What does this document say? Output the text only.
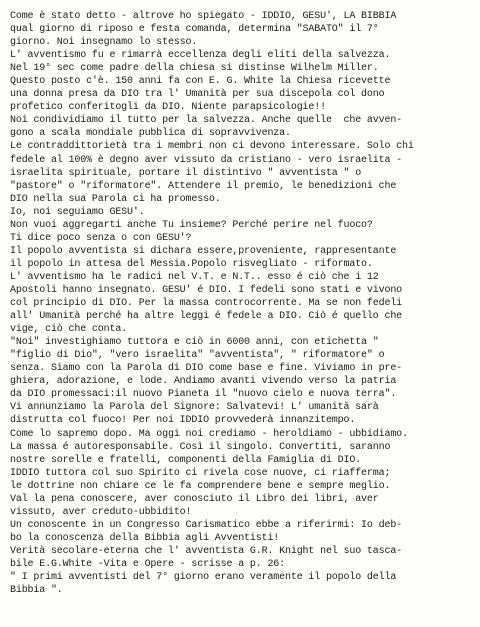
Come è stato detto - altrove ho spiegato - IDDIO, GESU', LA BIBBIA
qual giorno di riposo e festa comanda, determina "SABATO" il 7°
giorno. Noi insegnamo lo stesso.
L' avventismo fu e rimarrà eccellenza degli eliti della salvezza.
Nel 19° sec come padre della chiesa si distinse Wilhelm Miller.
Questo posto c'è. 150 anni fa con E. G. White la Chiesa ricevette
una donna presa da DIO tra l' Umanità per sua discepola col dono
profetico conferitogli da DIO. Niente parapsicologie!!
Noi condividiamo il tutto per la salvezza. Anche quelle  che avven-
gono a scala mondiale pubblica di sopravvivenza.
Le contraddittorietà tra i membri non ci devono interessare. Solo chi
fedele al 100% è degno aver vissuto da cristiano - vero israelita -
israelita spirituale, portare il distintivo " avventista " o
"pastore" o "riformatore". Attendere il premio, le benedizioni che
DIO nella sua Parola ci ha promesso.
Io, noi seguiamo GESU'.
Non vuoi aggregarti anche Tu insieme? Perché perire nel fuoco?
Ti dice poco senza o con GESU'?
Il popolo avventista si dichara essere,proveniente, rappresentante
il popolo in attesa del Messia.Popolo risvegliato - riformato.
L' avventismo ha le radici nel V.T. e N.T.. esso é ciò che i 12
Apostoli hanno insegnato. GESU' é DIO. I fedeli sono stati e vivono
col principio di DIO. Per la massa controcorrente. Ma se non fedeli
all' Umanità perché ha altre leggi é fedele a DIO. Ciò é quello che
vige, ciò che conta.
"Noi" investighiamo tuttora e ciò in 6000 anni, con etichetta "
"figlio di Dio", "vero israelita" "avventista", " riformatore" o
senza. Siamo con la Parola di DIO come base e fine. Viviamo in pre-
ghiera, adorazione, e lode. Andiamo avanti vivendo verso la patria
da DIO promessaci:il nuovo Pianeta il "nuovo cielo e nuova terra".
Vi annunziamo la Parola del Signore: Salvatevi! L' umanità sarà
distrutta col fuoco! Per noi IDDIO provvederà innanzitempo.
Come lo sapremo dopo. Ma oggi noi crediamo - heroldiamo - ubbidiamo.
La massa é autoresponsabile. Così il singolo. Convertiti, saranno
nostre sorelle e fratelli, componenti della Famiglia di DIO.
IDDIO tuttora col suo Spirito ci rivela cose nuove, ci riafferma;
le dottrine non chiare ce le fa comprendere bene e sempre meglio.
Val la pena conoscere, aver conosciuto il Libro dei libri, aver
vissuto, aver creduto-ubbidito!
Un conoscente in un Congresso Carismatico ebbe a riferirmi: Io deb-
bo la conoscenza della Bibbia agli Avventisti!
Verità secolare-eterna che l' avventista G.R. Knight nel suo tasca-
bile E.G.White -Vita e Opere - scrisse a p. 26:
" I primi avventisti del 7° giorno erano veramente il popolo della
Bibbia ".
